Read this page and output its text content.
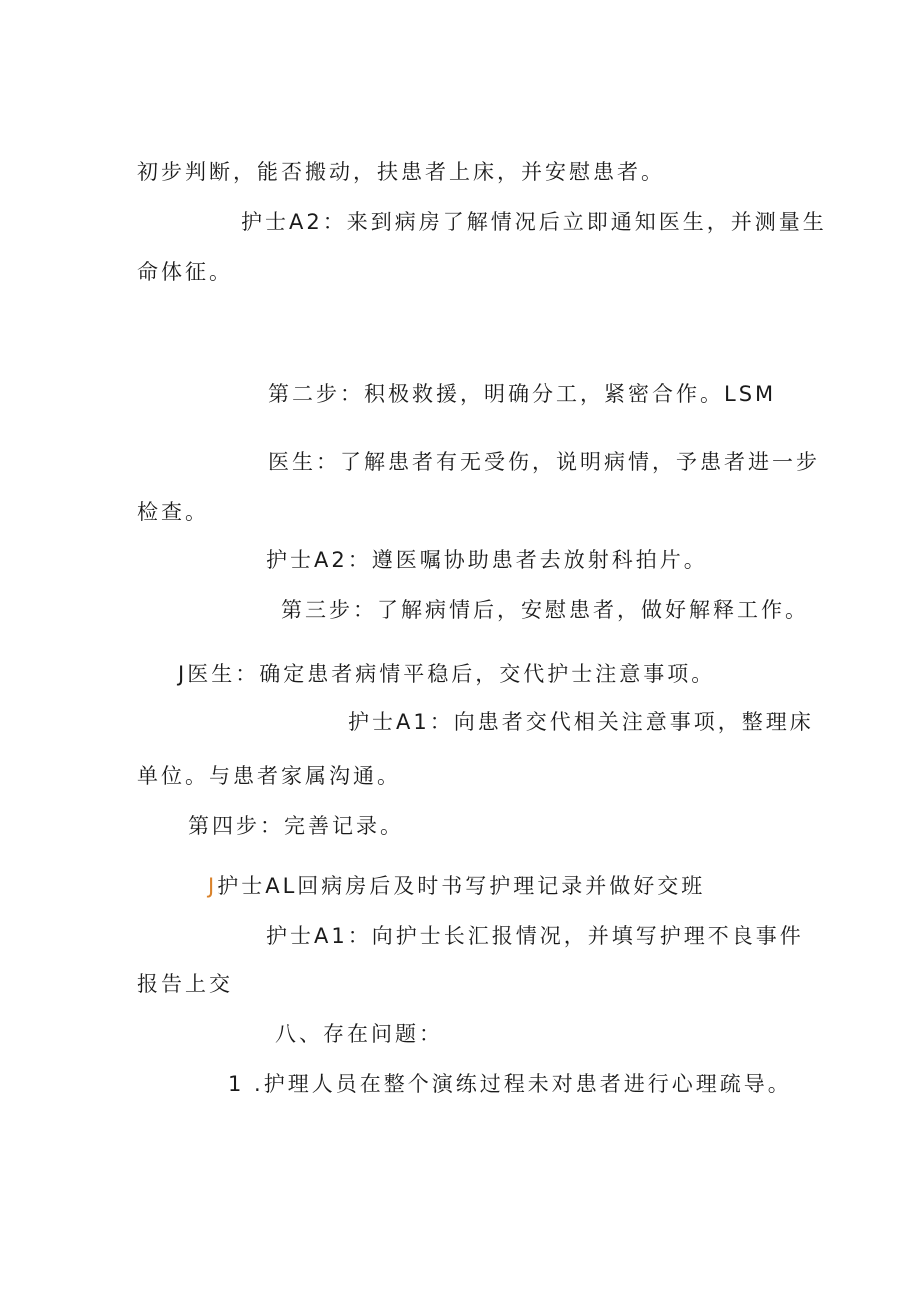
初步判断，能否搬动，扶患者上床，并安慰患者。
护士A2：来到病房了解情况后立即通知医生，并测量生
命体征。
第二步：积极救援，明确分工，紧密合作。LSM
医生：了解患者有无受伤，说明病情，予患者进一步
检查。
护士A2：遵医嘱协助患者去放射科拍片。
第三步：了解病情后，安慰患者，做好解释工作。
J医生：确定患者病情平稳后，交代护士注意事项。
护士A1：向患者交代相关注意事项，整理床
单位。与患者家属沟通。
第四步：完善记录。
J护士AL回病房后及时书写护理记录并做好交班
护士A1：向护士长汇报情况，并填写护理不良事件
报告上交
八、存在问题：
1 .护理人员在整个演练过程未对患者进行心理疏导。
